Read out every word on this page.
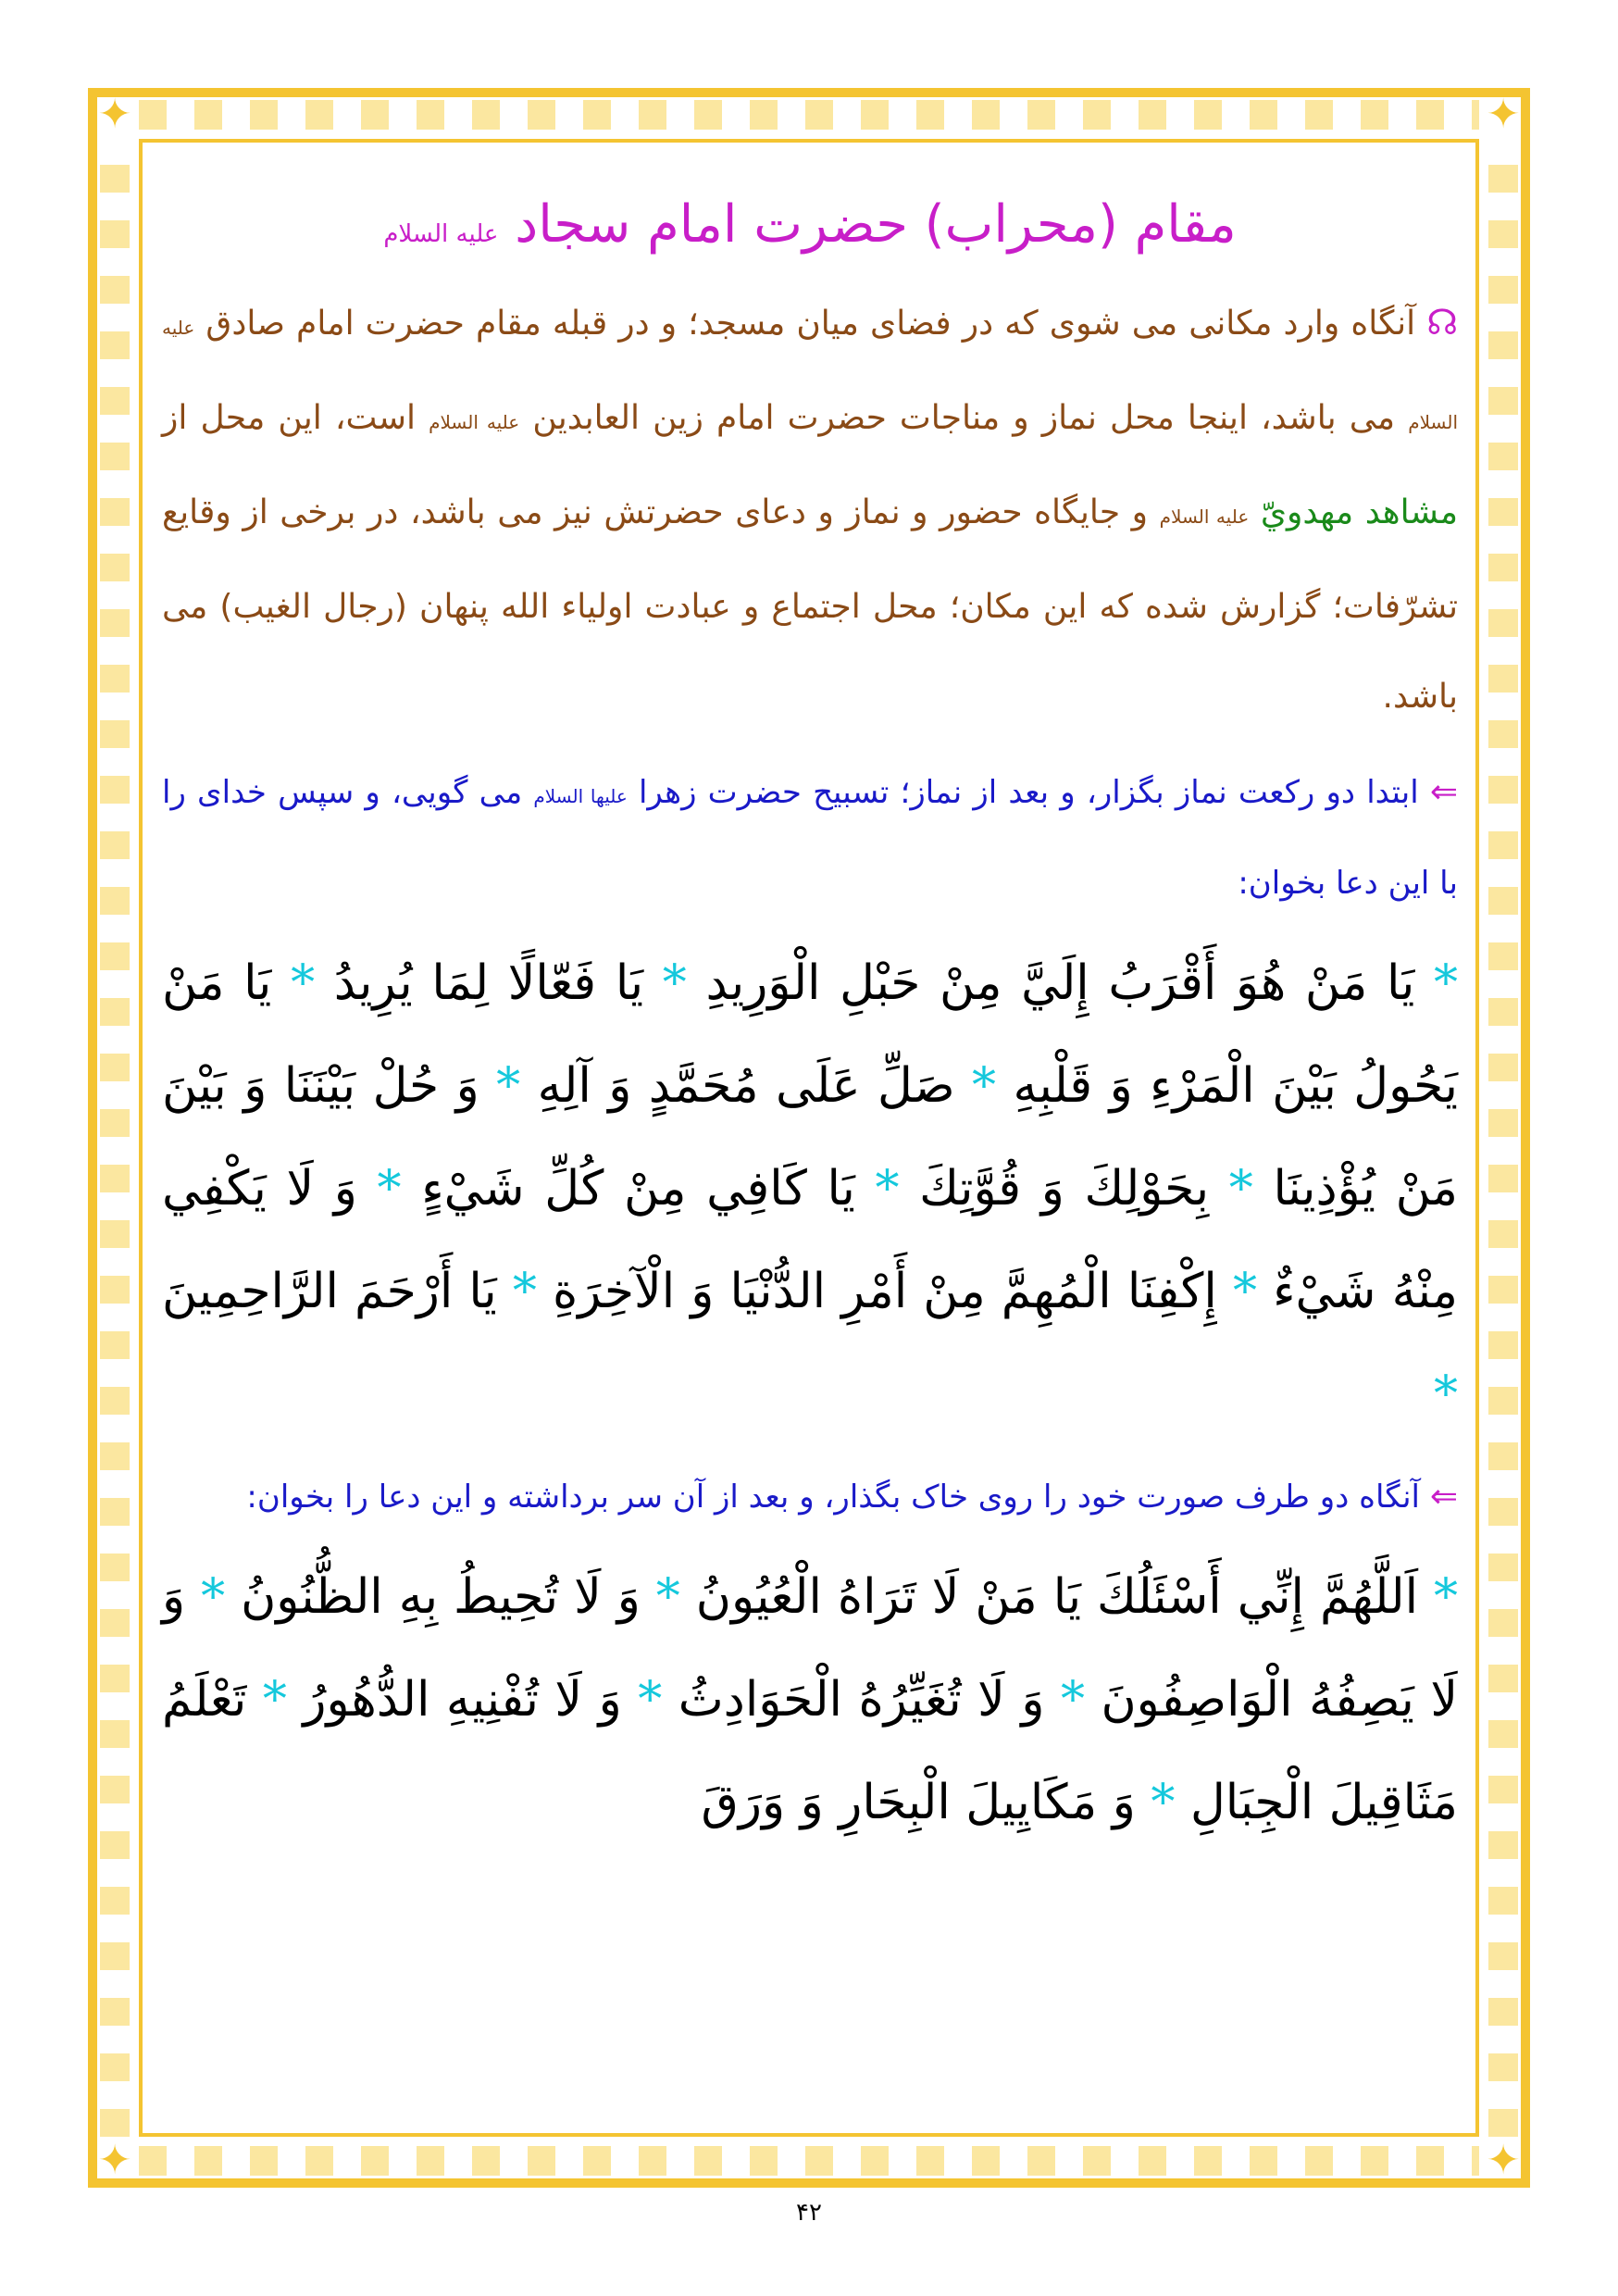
✦	✦
✦	✦
مقام (محراب) حضرت امام سجاد عليه السلام

☊ آنگاه وارد مکانی می شوی که در فضای میان مسجد؛ و در قبله مقام حضرت امام صادق عليه السلام می باشد، اینجا محل نماز و مناجات حضرت امام زین العابدین عليه السلام است، این محل از مشاهد مهدويّ عليه السلام و جایگاه حضور و نماز و دعای حضرتش نیز می باشد، در برخی از وقایع تشرّفات؛ گزارش شده که این مکان؛ محل اجتماع و عبادت اولیاء الله پنهان (رجال الغیب) می باشد.

⇐ ابتدا دو رکعت نماز بگزار، و بعد از نماز؛ تسبیح حضرت زهرا عليها السلام می گویی، و سپس خدای را با این دعا بخوان:

* يَا مَنْ هُوَ أَقْرَبُ إِلَيَّ مِنْ حَبْلِ الْوَرِيدِ * يَا فَعّالًا لِمَا يُرِيدُ * يَا مَنْ يَحُولُ بَيْنَ الْمَرْءِ وَ قَلْبِهِ * صَلِّ عَلَى مُحَمَّدٍ وَ آلِهِ * وَ حُلْ بَيْنَنَا وَ بَيْنَ مَنْ يُؤْذِينَا * بِحَوْلِكَ وَ قُوَّتِكَ * يَا كَافِي مِنْ كُلِّ شَيْءٍ * وَ لَا يَكْفِي مِنْهُ شَيْءٌ * إِكْفِنَا الْمُهِمَّ مِنْ أَمْرِ الدُّنْيَا وَ الْآخِرَةِ * يَا أَرْحَمَ الرَّاحِمِينَ *

⇐ آنگاه دو طرف صورت خود را روی خاک بگذار، و بعد از آن سر برداشته و این دعا را بخوان:

* اَللَّهُمَّ إِنِّي أَسْئَلُكَ يَا مَنْ لَا تَرَاهُ الْعُيُونُ * وَ لَا تُحِيطُ بِهِ الظُّنُونُ * وَ لَا يَصِفُهُ الْوَاصِفُونَ * وَ لَا تُغَيِّرُهُ الْحَوَادِثُ * وَ لَا تُفْنِيهِ الدُّهُورُ * تَعْلَمُ مَثَاقِيلَ الْجِبَالِ * وَ مَكَايِيلَ الْبِحَارِ وَ وَرَقَ

۴۲
